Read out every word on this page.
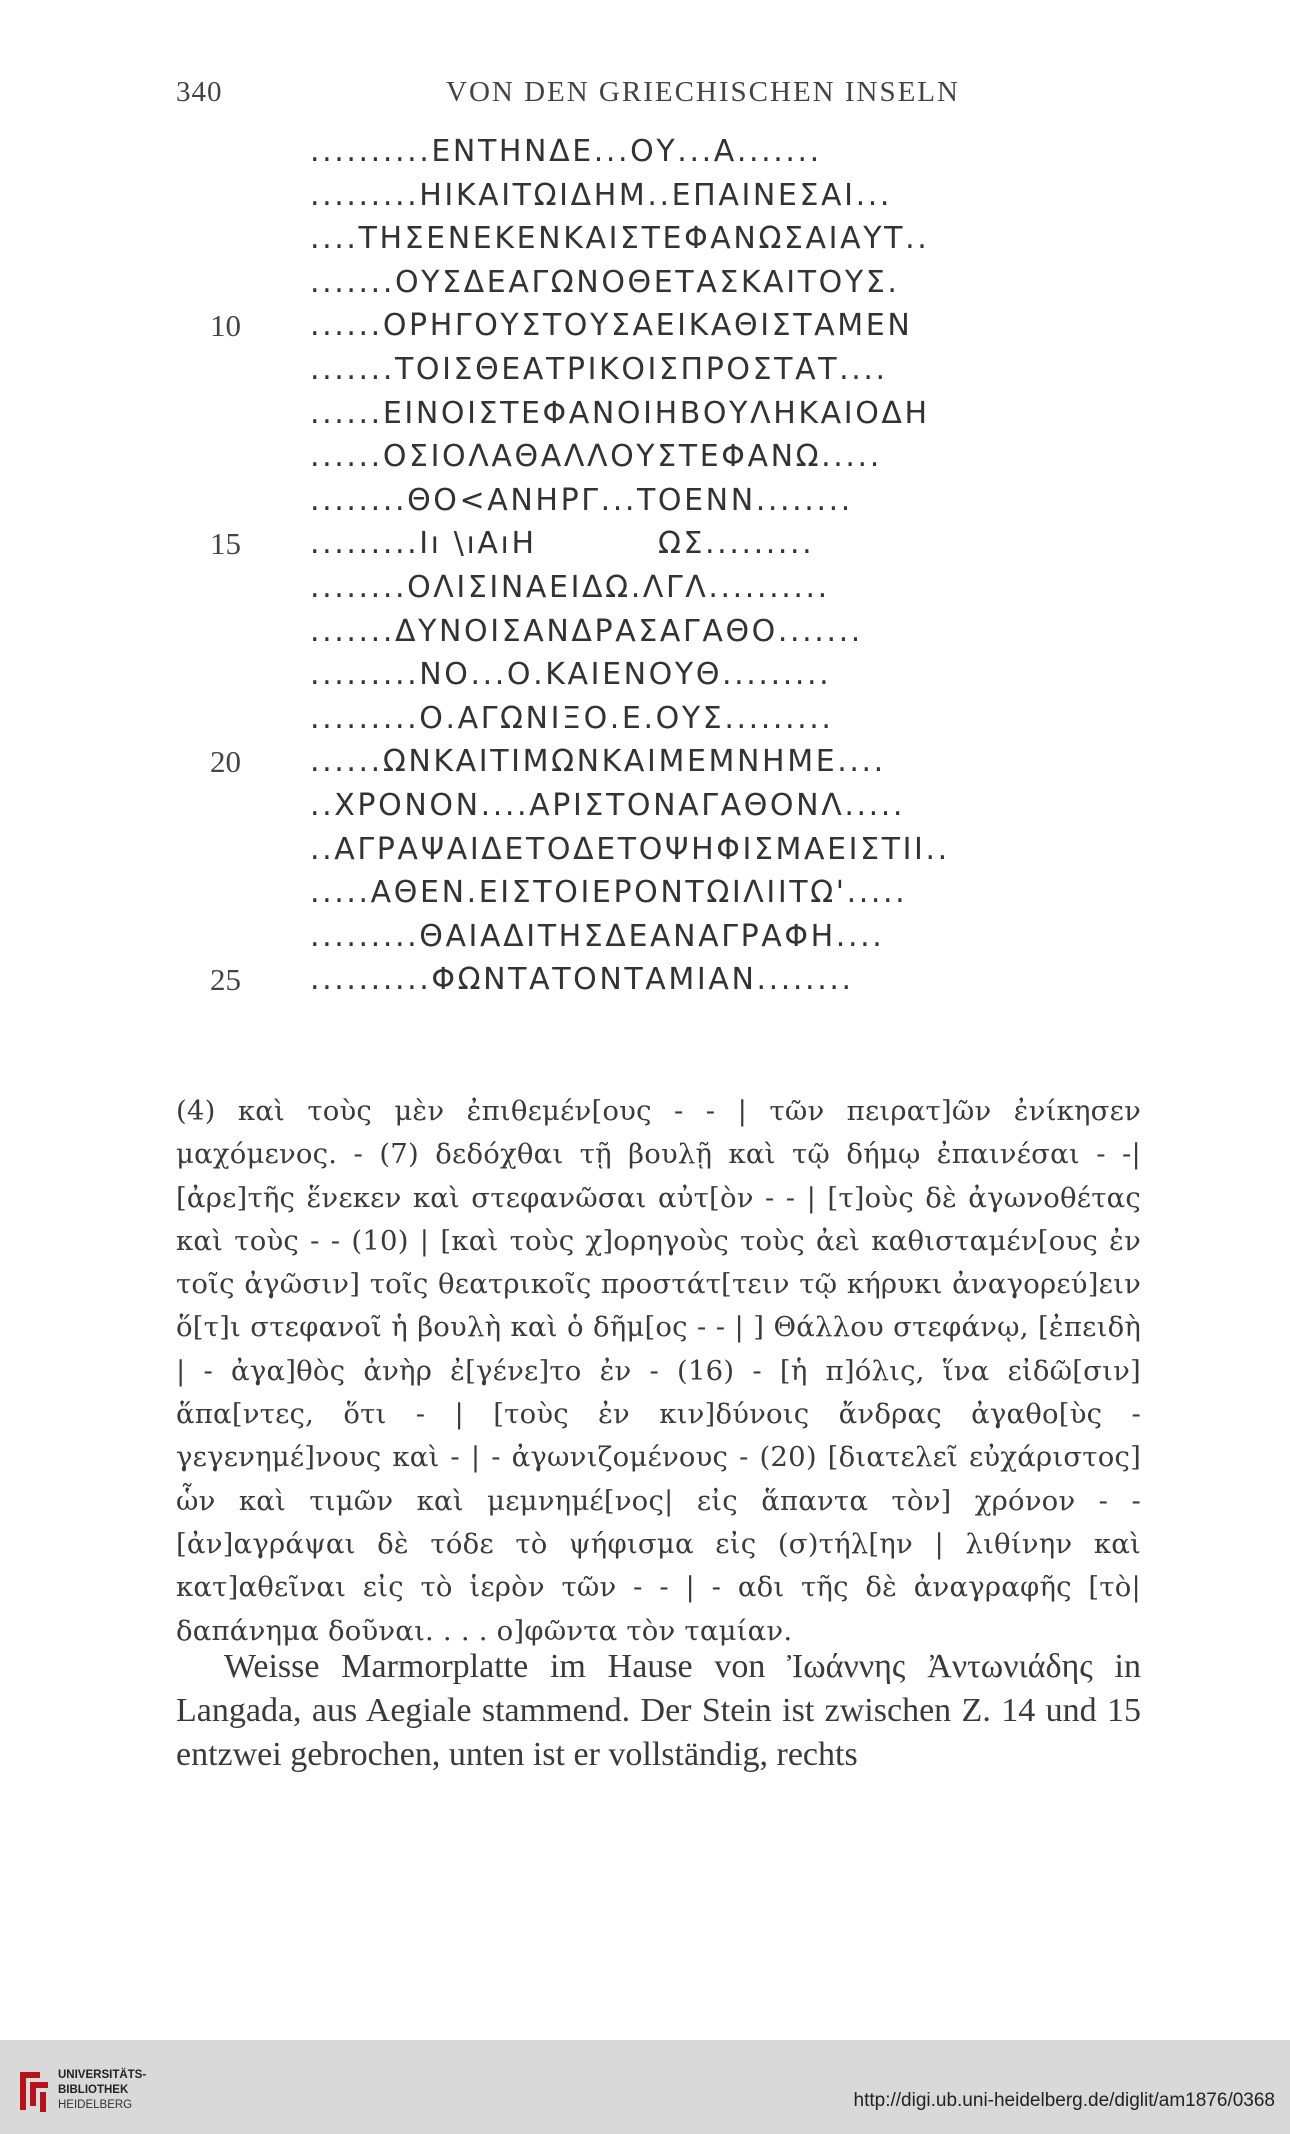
340	VON DEN GRIECHISCHEN INSELN
..........ΕΝΤΗΝΔΕ...ΟΥ...Α.......
.........ΗΙΚΑΙΤΩΙΔΗΜ..ΕΠΑΙΝΕΣΑΙ...
....ΤΗΣΕΝΕΚΕΝΚΑΙΣΤΕΦΑΝΩΣΑΙΑΥΤ..
.......ΟΥΣΔΕΑΓΩΝΟΘΕΤΑΣΚΑΙΤΟΥΣ.
10 ......ΟΡΗΓΟΥΣΤΟΥΣΑΕΙΚΑΘΙΣΤΑΜΕΝ
.......ΤΟΙΣΘΕΑΤΡΙΚΟΙΣΠΡΟΣΤΑΤ....
......ΕΙΝΟΙΣΤΕΦΑΝΟΙΗΒΟΥΛΗΚΑΙΟΔΗ
......ΟΣΙΟΛΑΘΑΛΛΟΥΣΤΕΦΑΝΩ.....
........ΘΟ<ΑΝΗΡΓ...ΤΟΕΝΝ........
15 .........Ιı \ıΑıΗ          ΩΣ.........
........ΟΛΙΣΙΝΑΕΙΔΩ.ΛΓΛ..........
.......ΔΥΝΟΙΣΑΝΔΡΑΣΑΓΑΘΟ.......
.........ΝΟ...Ο.ΚΑΙΕΝΟΥΘ.........
.........Ο.ΑΓΩΝΙΞΟ.Ε.ΟΥΣ.........
20 ......ΩΝΚΑΙΤΙΜΩΝΚΑΙΜΕΜΝΗΜΕ....
..ΧΡΟΝΟΝ....ΑΡΙΣΤΟΝΑΓΑΘΟΝΛ.....
..ΑΓΡΑΨΑΙΔΕΤΟΔΕΤΟΨΗΦΙΣΜΑΕΙΣΤΙΙ..
.....ΑΘΕΝ.ΕΙΣΤΟΙΕΡΟΝΤΩΙΛΙΙΤΩ'.....
.........ΘΑΙΑΔΙΤΗΣΔΕΑΝΑΓΡΑΦΗ....
25 ..........ΦΩΝΤΑΤΟΝΤΑΜΙΑΝ........
(4) καὶ τοὺς μὲν ἐπιθεμέν[ους - - | τῶν πειρατ]ῶν ἐνίκησεν μαχόμενος. - (7) δεδόχθαι τῇ βουλῇ καὶ τῷ δήμῳ ἐπαινέσαι - -| [ἀρε]τῆς ἕνεκεν καὶ στεφανῶσαι αὐτ[ὸν - - | [τ]οὺς δὲ ἀγωνοθέτας καὶ τοὺς - - (10) | [καὶ τοὺς χ]ορηγοὺς τοὺς ἀεὶ καθισταμέν[ους ἐν τοῖς ἀγῶσιν] τοῖς θεατρικοῖς προστάτ[τειν τῷ κήρυκι ἀναγορεύ]ειν ὅ[τ]ι στεφανοῖ ἡ βουλὴ καὶ ὁ δῆμ[ος - - | ] Θάλλου στεφάνῳ, [ἐπειδὴ | - ἀγα]θὸς ἀνὴρ ἐ[γένε]το ἐν - (16) - [ἡ π]όλις, ἵνα εἰδῶ[σιν] ἅπα[ντες, ὅτι - | [τοὺς ἐν κιν]δύνοις ἄνδρας ἀγαθο[ὺς - γεγενημέ]νους καὶ - | - ἀγωνιζομένους - (20) [διατελεῖ εὐχάριστος] ὧν καὶ τιμῶν καὶ μεμνημέ[νος| εἰς ἅπαντα τὸν] χρόνον - - [ἀν]αγράψαι δὲ τόδε τὸ ψήφισμα εἰς (σ)τήλ[ην | λιθίνην καὶ κατ]αθεῖναι εἰς τὸ ἱερὸν τῶν - - | - αδι τῆς δὲ ἀναγραφῆς [τὸ| δαπάνημα δοῦναι. . . . ο]φῶντα τὸν ταμίαν.
Weisse Marmorplatte im Hause von Ἰωάννης Ἀντωνιάδης in Langada, aus Aegiale stammend. Der Stein ist zwischen Z. 14 und 15 entzwei gebrochen, unten ist er vollständig, rechts
UNIVERSITÄTS-
BIBLIOTHEK
HEIDELBERG	http://digi.ub.uni-heidelberg.de/diglit/am1876/0368
